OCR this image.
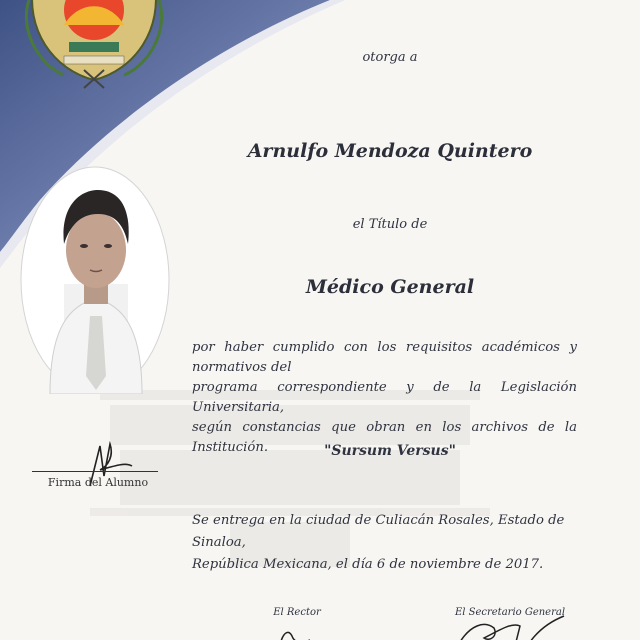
Firma del Alumno
otorga a
Arnulfo Mendoza Quintero
el Título de
Médico General
por haber cumplido con los requisitos académicos y normativos del
programa correspondiente y de la Legislación Universitaria,
según constancias que obran en los archivos de la Institución.	"Sursum Versus"
Se entrega en la ciudad de Culiacán Rosales, Estado de Sinaloa,
República Mexicana, el día 6 de noviembre de 2017.
El Rector	El Secretario General
